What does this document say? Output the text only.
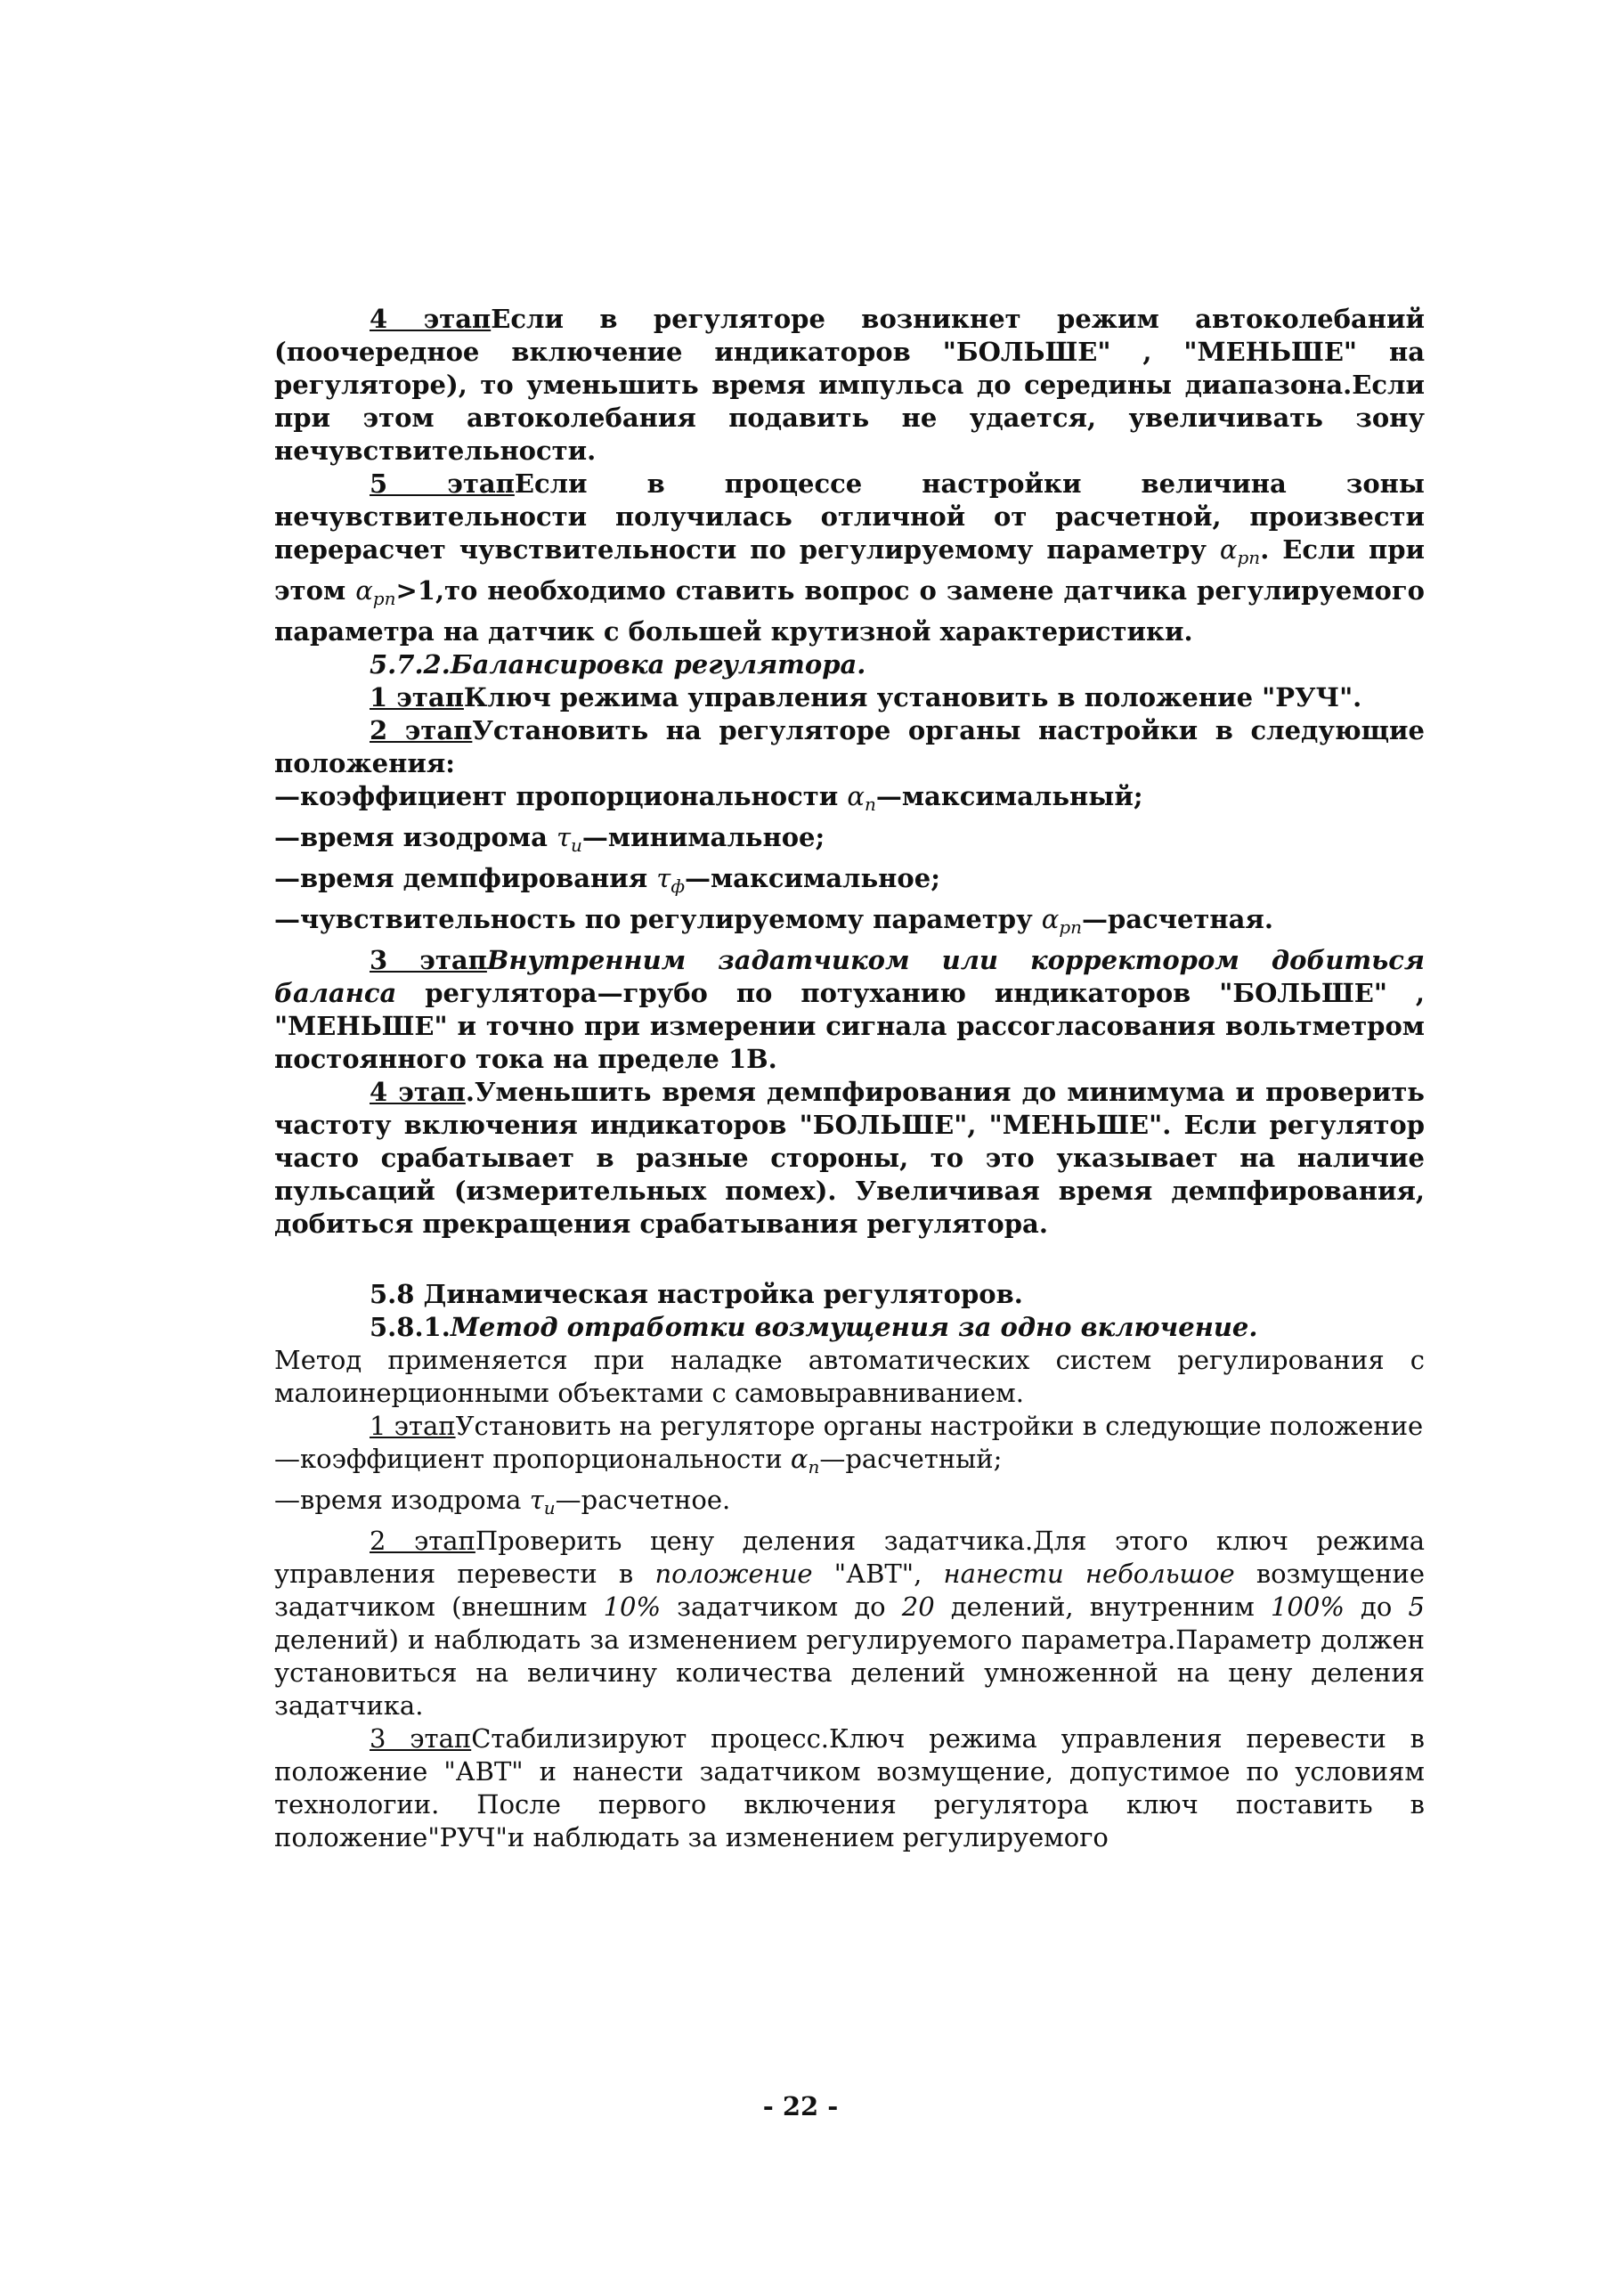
4 этапЕсли в регуляторе возникнет режим автоколебаний (поочередное включение индикаторов "БОЛЬШЕ" , "МЕНЬШЕ" на регуляторе), то уменьшить время импульса до середины диапазона.Если при этом автоколебания подавить не удается, увеличивать зону нечувствительности.

5 этапЕсли в процессе настройки величина зоны нечувствительности получилась отличной от расчетной, произвести перерасчет чувствительности по регулируемому параметру $\alpha_{рп}$. Если при этом $\alpha_{рп}>1,то$ необходимо ставить вопрос о замене датчика регулируемого параметра на датчик с большей крутизной характеристики.

5.7.2.Балансировка регулятора.

1 этапКлюч режима управления установить в положение "РУЧ".

2 этапУстановить на регуляторе органы настройки в следующие положения:

—коэффициент пропорциональности $\alpha_п—максимальный$;

—время изодрома $\tau_и—минимальное$;

—время демпфирования $\tau_ф—максимальное$;

—чувствительность по регулируемому параметру $\alpha_{рп}—расчетная$.

3 этапВнутренним задатчиком или корректором добиться баланса регулятора—грубо по потуханию индикаторов "БОЛЬШЕ" , "МЕНЬШЕ" и точно при измерении сигнала рассогласования вольтметром постоянного тока на пределе 1В.

4 этап.Уменьшить время демпфирования до минимума и проверить частоту включения индикаторов "БОЛЬШЕ", "МЕНЬШЕ". Если регулятор часто срабатывает в разные стороны, то это указывает на наличие пульсаций (измерительных помех). Увеличивая время демпфирования, добиться прекращения срабатывания регулятора.

5.8 Динамическая настройка регуляторов.

5.8.1.Метод отработки возмущения за одно включение.

Метод применяется при наладке автоматических систем регулирования с малоинерционными объектами с самовыравниванием.

1 этапУстановить на регуляторе органы настройки в следующие положение

—коэффициент пропорциональности $\alpha_п—расчетный$;

—время изодрома $\tau_и—расчетное$.

2 этапПроверить цену деления задатчика.Для этого ключ режима управления перевести в положение "АВТ", нанести небольшое возмущение задатчиком (внешним 10% задатчиком до 20 делений, внутренним 100% до 5 делений) и наблюдать за изменением регулируемого параметра.Параметр должен установиться на величину количества делений умноженной на цену деления задатчика.

3 этапСтабилизируют процесс.Ключ режима управления перевести в положение "АВТ" и нанести задатчиком возмущение, допустимое по условиям технологии. После первого включения регулятора ключ поставить в положение"РУЧ"и наблюдать за изменением регулируемого

- 22 -
